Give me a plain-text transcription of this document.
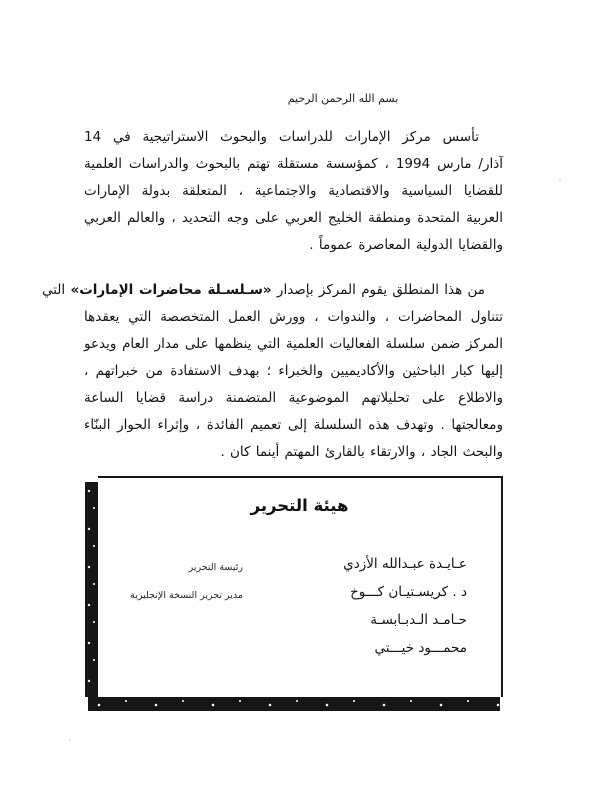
بسم الله الرحمن الرحيم
تأسس مركز الإمارات للدراسات والبحوث الاستراتيجية في 14
آذار/ مارس 1994 ، كمؤسسة مستقلة تهتم بالبحوث والدراسات العلمية
للقضايا السياسية والاقتصادية والاجتماعية ، المتعلقة بدولة الإمارات
العربية المتحدة ومنطقة الخليج العربي على وجه التحديد ، والعالم العربي
والقضايا الدولية المعاصرة عموماً .
من هذا المنطلق يقوم المركز بإصدار «سـلسـلة محاضرات الإمارات» التي
تتناول المحاضرات ، والندوات ، وورش العمل المتخصصة التي يعقدها
المركز ضمن سلسلة الفعاليات العلمية التي ينظمها على مدار العام ويدعو
إليها كبار الباحثين والأكاديميين والخبراء ؛ بهدف الاستفادة من خبراتهم ،
والاطلاع على تحليلاتهم الموضوعية المتضمنة دراسة قضايا الساعة
ومعالجتها . وتهدف هذه السلسلة إلى تعميم الفائدة ، وإثراء الحوار البنّاء
والبحث الجاد ، والارتقاء بالقارئ المهتم أينما كان .
هيئة التحرير
عـايـدة عبـدالله الأزدي
رئيسة التحرير
د . كريسـتيـان كـــوخ
مدير تحرير النسخة الإنجليزية
حـامـد الـدبـابسـة
محمـــود خيـــتي
